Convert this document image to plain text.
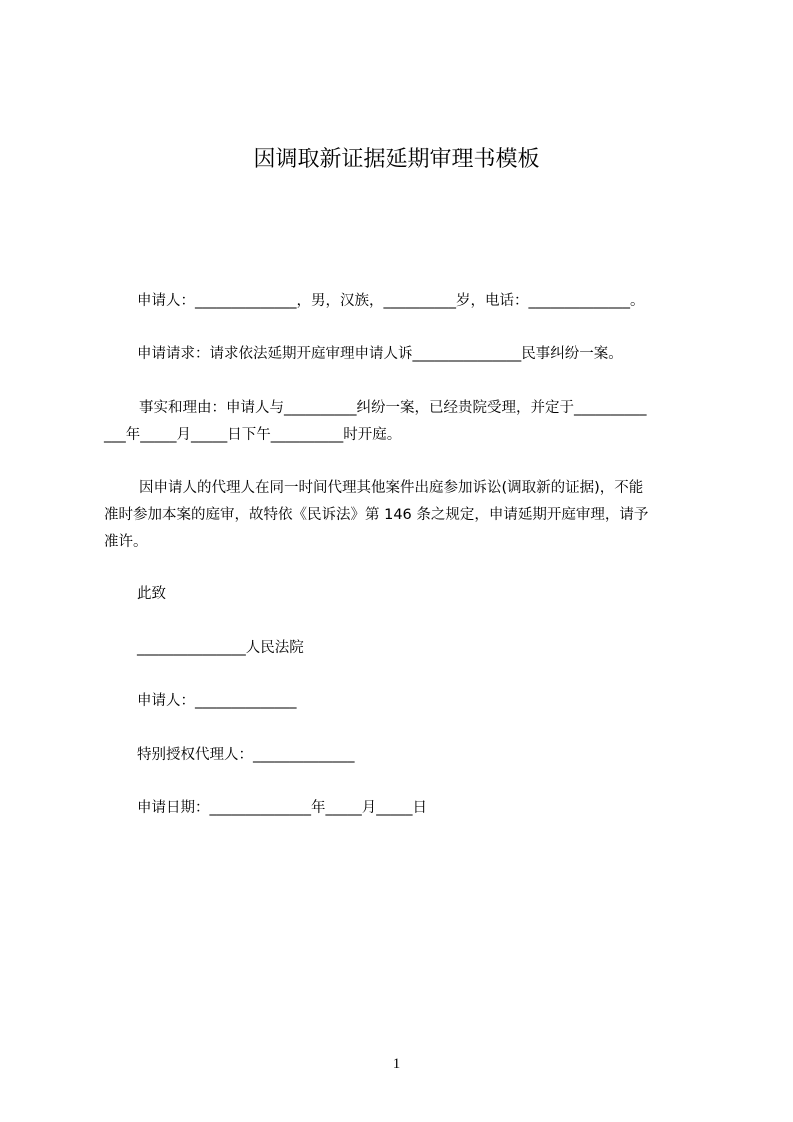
因调取新证据延期审理书模板
申请人：______________，男，汉族，__________岁，电话：______________。
申请请求：请求依法延期开庭审理申请人诉_______________民事纠纷一案。
事实和理由：申请人与__________纠纷一案，已经贵院受理，并定于__________
___年_____月_____日下午__________时开庭。
因申请人的代理人在同一时间代理其他案件出庭参加诉讼(调取新的证据)，不能
准时参加本案的庭审，故特依《民诉法》第 146 条之规定，申请延期开庭审理，请予
准许。
此致
_______________人民法院
申请人：______________
特别授权代理人：______________
申请日期：______________年_____月_____日
1
